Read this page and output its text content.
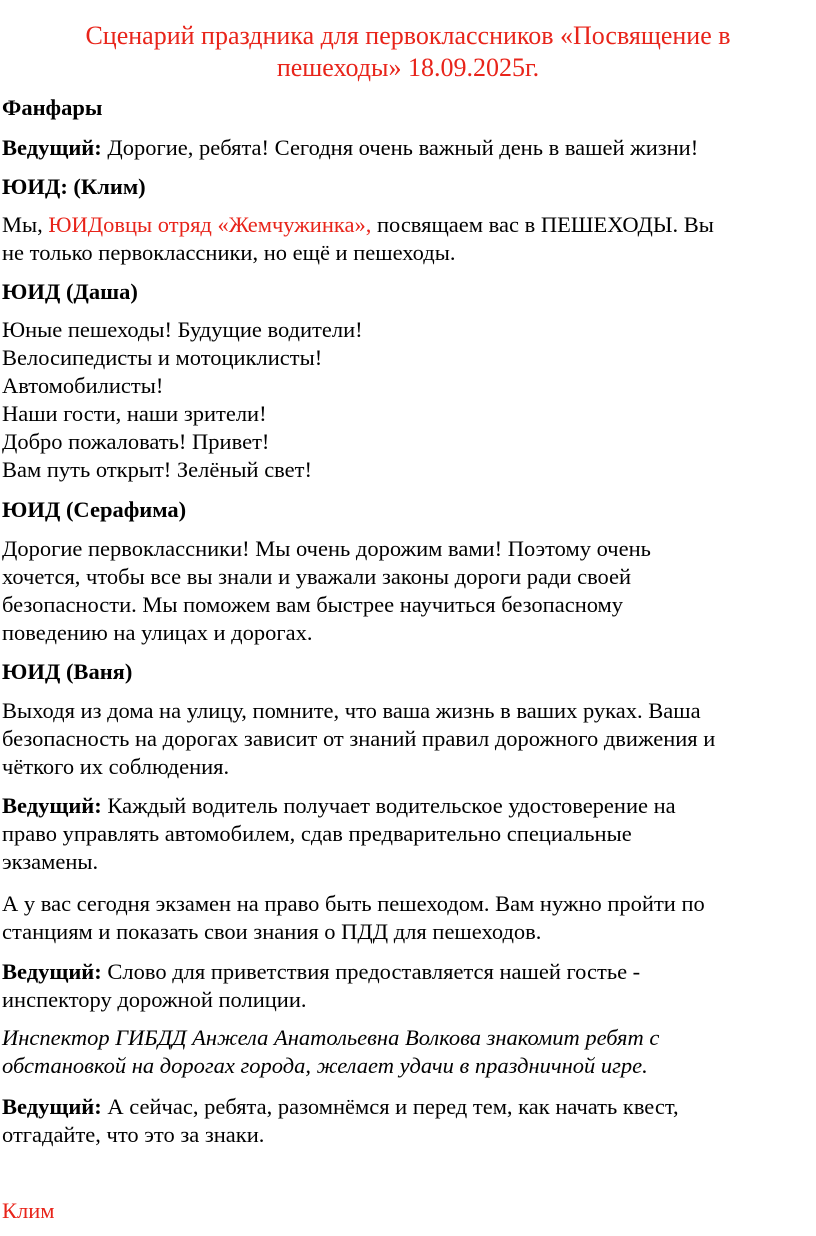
Сценарий праздника для первоклассников «Посвящение в
пешеходы» 18.09.2025г.
Фанфары
Ведущий: Дорогие, ребята! Сегодня очень важный день в вашей жизни!
ЮИД: (Клим)
Мы, ЮИДовцы отряд «Жемчужинка», посвящаем вас в ПЕШЕХОДЫ. Вы
не только первоклассники, но ещё и пешеходы.
ЮИД (Даша)
Юные пешеходы! Будущие водители!
Велосипедисты и мотоциклисты!
Автомобилисты!
Наши гости, наши зрители!
Добро пожаловать! Привет!
Вам путь открыт! Зелёный свет!
ЮИД (Серафима)
Дорогие первоклассники! Мы очень дорожим вами! Поэтому очень
хочется, чтобы все вы знали и уважали законы дороги ради своей
безопасности. Мы поможем вам быстрее научиться безопасному
поведению на улицах и дорогах.
ЮИД (Ваня)
Выходя из дома на улицу, помните, что ваша жизнь в ваших руках. Ваша
безопасность на дорогах зависит от знаний правил дорожного движения и
чёткого их соблюдения.
Ведущий: Каждый водитель получает водительское удостоверение на
право управлять автомобилем, сдав предварительно специальные
экзамены.
А у вас сегодня экзамен на право быть пешеходом. Вам нужно пройти по
станциям и показать свои знания о ПДД для пешеходов.
Ведущий: Слово для приветствия предоставляется нашей гостье -
инспектору дорожной полиции.
Инспектор ГИБДД Анжела Анатольевна Волкова знакомит ребят с
обстановкой на дорогах города, желает удачи в праздничной игре.
Ведущий: А сейчас, ребята, разомнёмся и перед тем, как начать квест,
отгадайте, что это за знаки.
Клим
